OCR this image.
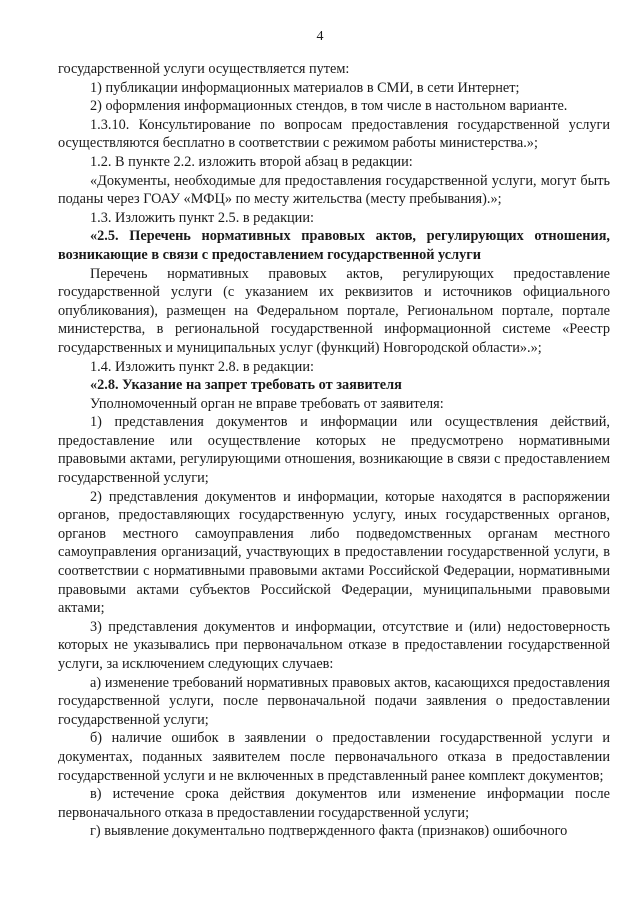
4

государственной услуги осуществляется путем:

1) публикации информационных материалов в СМИ, в сети Интернет;

2) оформления информационных стендов, в том числе в настольном варианте.

1.3.10. Консультирование по вопросам предоставления государственной услуги осуществляются бесплатно в соответствии с режимом работы министерства.»;

1.2. В пункте 2.2. изложить второй абзац в редакции:

«Документы, необходимые для предоставления государственной услуги, могут быть поданы через ГОАУ «МФЦ» по месту жительства (месту пребывания).»;

1.3. Изложить пункт 2.5. в редакции:

«2.5. Перечень нормативных правовых актов, регулирующих отношения, возникающие в связи с предоставлением государственной услуги

Перечень нормативных правовых актов, регулирующих предоставление государственной услуги (с указанием их реквизитов и источников официального опубликования), размещен на Федеральном портале, Региональном портале, портале министерства, в региональной государственной информационной системе «Реестр государственных и муниципальных услуг (функций) Новгородской области».»;

1.4. Изложить пункт 2.8. в редакции:

«2.8. Указание на запрет требовать от заявителя

Уполномоченный орган не вправе требовать от заявителя:

1) представления документов и информации или осуществления действий, предоставление или осуществление которых не предусмотрено нормативными правовыми актами, регулирующими отношения, возникающие в связи с предоставлением государственной услуги;

2) представления документов и информации, которые находятся в распоряжении органов, предоставляющих государственную услугу, иных государственных органов, органов местного самоуправления либо подведомственных органам местного самоуправления организаций, участвующих в предоставлении государственной услуги, в соответствии с нормативными правовыми актами Российской Федерации, нормативными правовыми актами субъектов Российской Федерации, муниципальными правовыми актами;

3) представления документов и информации, отсутствие и (или) недостоверность которых не указывались при первоначальном отказе в предоставлении государственной услуги, за исключением следующих случаев:

а) изменение требований нормативных правовых актов, касающихся предоставления государственной услуги, после первоначальной подачи заявления о предоставлении государственной услуги;

б) наличие ошибок в заявлении о предоставлении государственной услуги и документах, поданных заявителем после первоначального отказа в предоставлении государственной услуги и не включенных в представленный ранее комплект документов;

в) истечение срока действия документов или изменение информации после первоначального отказа в предоставлении государственной услуги;

г) выявление документально подтвержденного факта (признаков) ошибочного
